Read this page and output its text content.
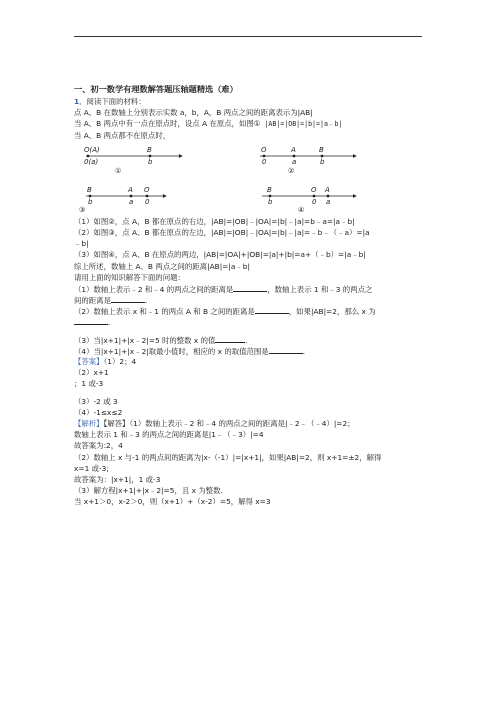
一、初一数学有理数解答题压轴题精选（难）
1．阅读下面的材料：
点 A、B 在数轴上分别表示实数 a，b，A，B 两点之间的距离表示为|AB|
当 A、B 两点中有一点在原点时，设点 A 在原点，如图① |AB|=|OB|=|b|=|a﹣b|
当 A、B 两点都不在原点时，
O(A)	B
0(a)	b
①
O	A	B
0	a	b
②
B	A O
b	a 0
③
B	O A
b	0 a
④
（1）如图②，点 A，B 都在原点的右边，|AB|=|OB|﹣|OA|=|b|﹣|a|=b﹣a=|a﹣b|
（2）如图③，点 A、B 都在原点的左边，|AB|=|OB|﹣|OA|=|b|﹣|a|=﹣b﹣（﹣a）=|a
﹣b|
（3）如图④，点 A、B 在原点的两边，|AB|=|OA|+|OB|=|a|+|b|=a+（﹣b）=|a﹣b|
综上所述，数轴上 A、B 两点之间的距离|AB|=|a﹣b|
请用上面的知识解答下面的问题：
（1）数轴上表示﹣2 和﹣4 的两点之间的距离是	，数轴上表示 1 和﹣3 的两点之
间的距离是	.
（2）数轴上表示 x 和﹣1 的两点 A 和 B 之间的距离是	，如果|AB|=2，那么 x 为
.
（3）当|x+1|+|x﹣2|=5 时的整数 x 的值	.
（4）当|x+1|+|x﹣2|取最小值时，相应的 x 的取值范围是	.
【答案】（1）2；4
（2）x+1
；1 或-3
（3）-2 或 3
（4）-1≤x≤2
【解析】【解答】（1）数轴上表示﹣2 和﹣4 的两点之间的距离是|﹣2﹣（﹣4）|=2；
数轴上表示 1 和﹣3 的两点之间的距离是|1﹣（﹣3）|=4
故答案为:2，4
（2）数轴上 x 与-1 的两点间的距离为|x-（-1）|=|x+1|，如果|AB|=2，则 x+1=±2，解得
x=1 或-3;
故答案为：|x+1|，1 或-3
（3）解方程|x+1|+|x﹣2|=5，且 x 为整数.
当 x+1＞0，x-2＞0，则（x+1）+（x-2）=5，解得 x=3
